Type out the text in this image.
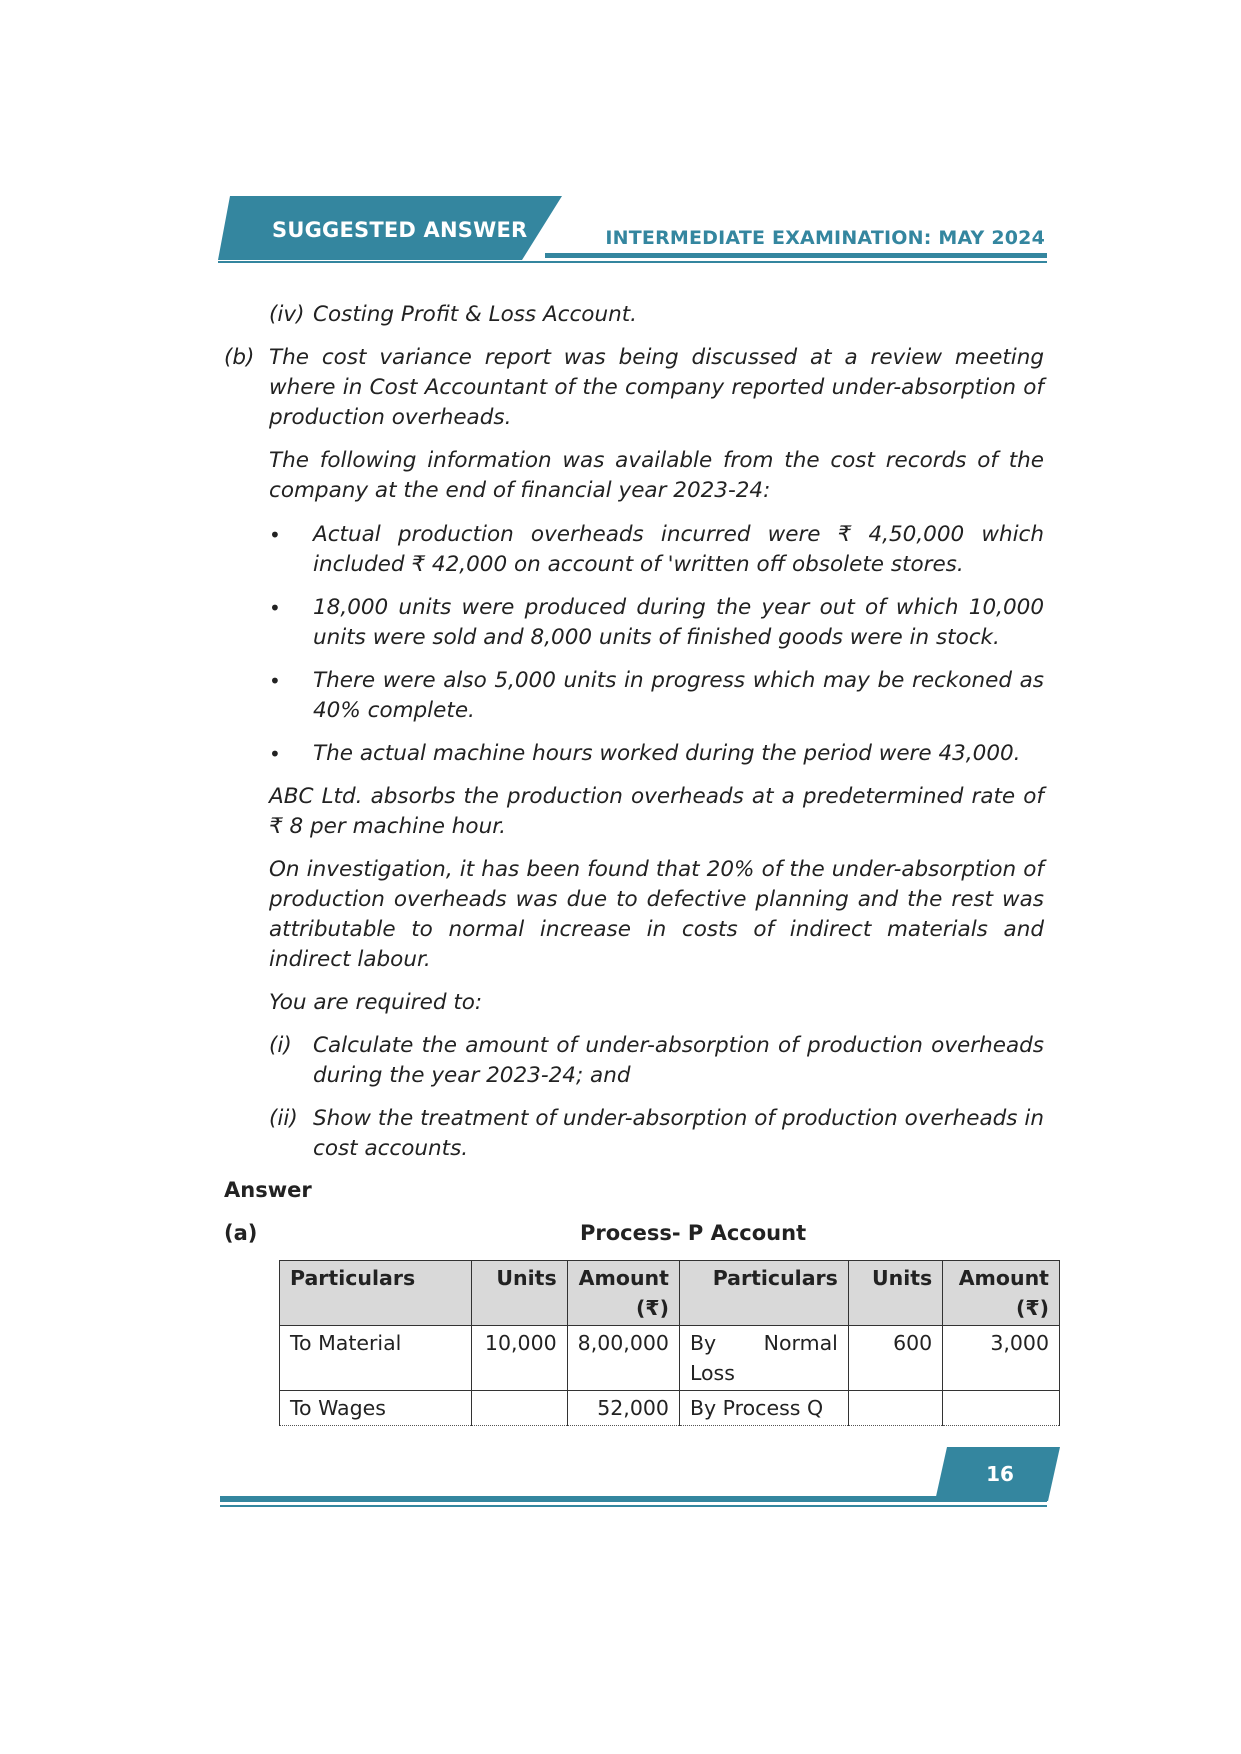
SUGGESTED ANSWER	INTERMEDIATE EXAMINATION: MAY 2024
(iv) Costing Profit & Loss Account.
(b) The cost variance report was being discussed at a review meeting where in Cost Accountant of the company reported under-absorption of production overheads.

The following information was available from the cost records of the company at the end of financial year 2023-24:

• Actual production overheads incurred were ₹ 4,50,000 which included ₹ 42,000 on account of 'written off obsolete stores.

• 18,000 units were produced during the year out of which 10,000 units were sold and 8,000 units of finished goods were in stock.

• There were also 5,000 units in progress which may be reckoned as 40% complete.

• The actual machine hours worked during the period were 43,000.

ABC Ltd. absorbs the production overheads at a predetermined rate of ₹ 8 per machine hour.

On investigation, it has been found that 20% of the under-absorption of production overheads was due to defective planning and the rest was attributable to normal increase in costs of indirect materials and indirect labour.

You are required to:

(i) Calculate the amount of under-absorption of production overheads during the year 2023-24; and

(ii) Show the treatment of under-absorption of production overheads in cost accounts.

Answer
(a)	Process- P Account
Particulars	Units	Amount (₹)	Particulars	Units	Amount (₹)
To Material	10,000	8,00,000	By Normal Loss	600	3,000
To Wages		52,000	By Process Q		
16
